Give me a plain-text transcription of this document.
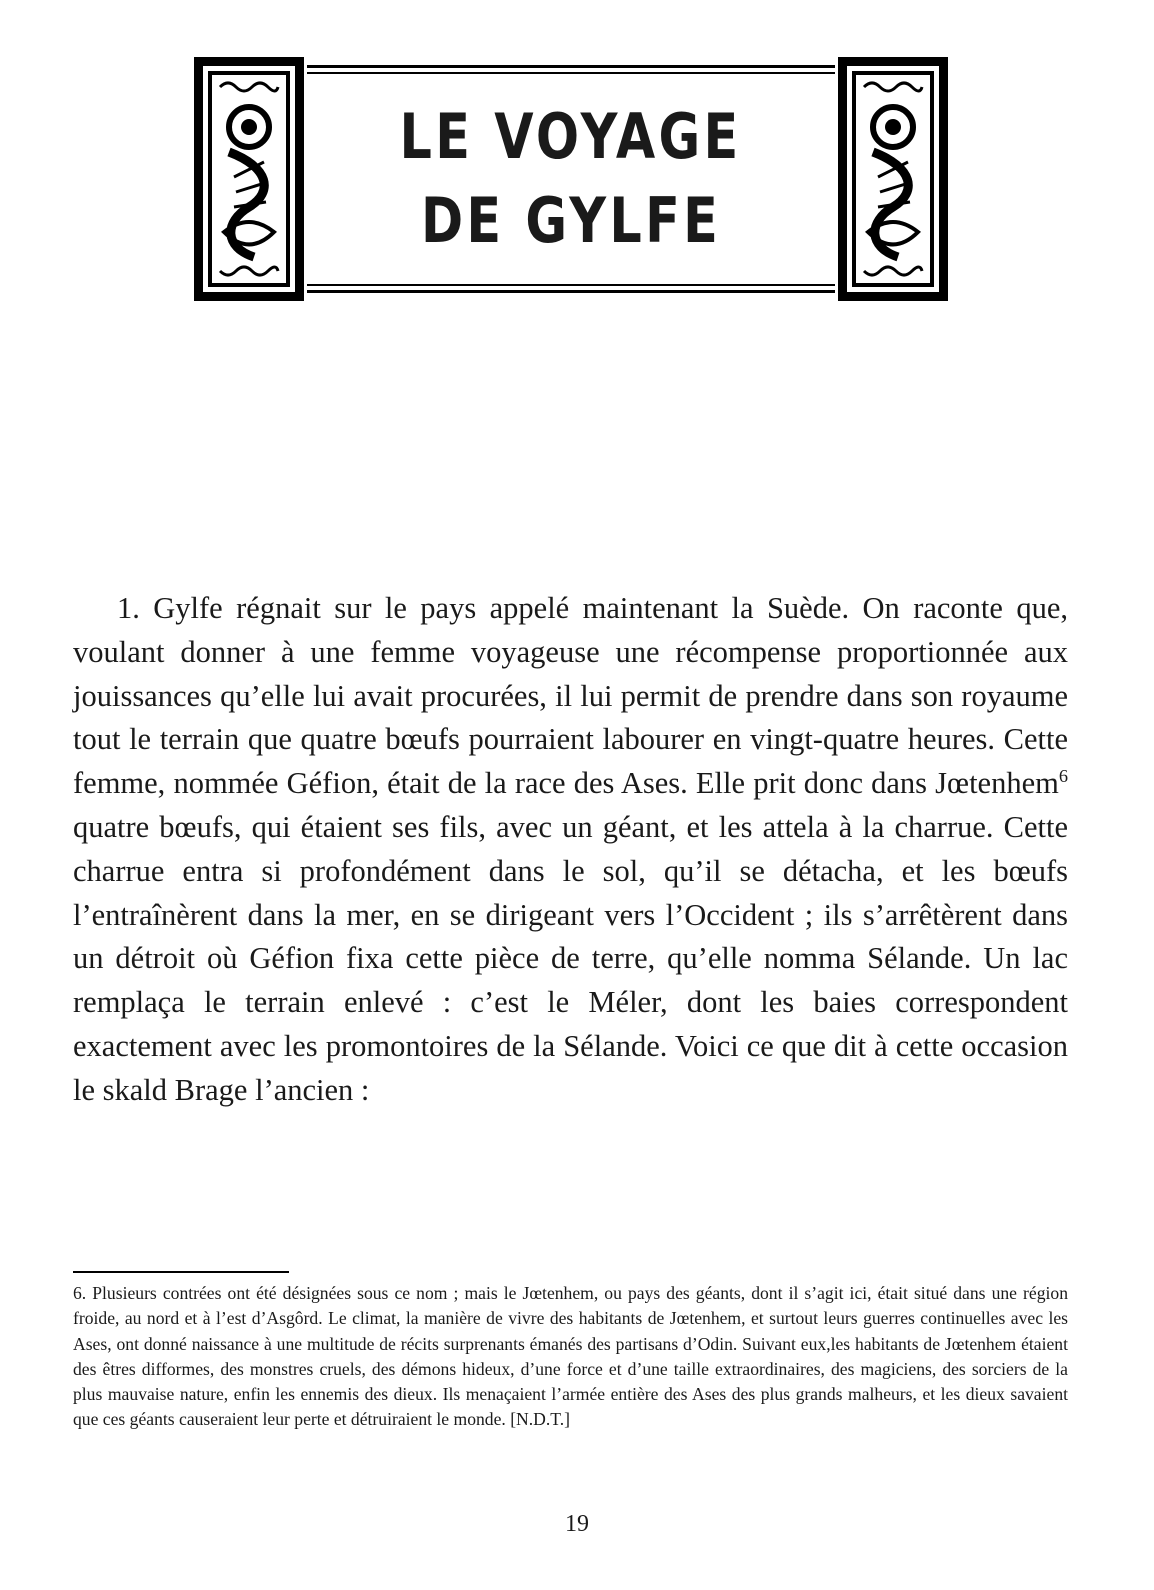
LE VOYAGE
DE GYLFE

1. Gylfe régnait sur le pays appelé maintenant la Suède. On raconte que, voulant donner à une femme voyageuse une récompense proportionnée aux jouissances qu’elle lui avait procurées, il lui permit de prendre dans son royaume tout le terrain que quatre bœufs pourraient labourer en vingt-quatre heures. Cette femme, nommée Géfion, était de la race des Ases. Elle prit donc dans Jœtenhem$^6$ quatre bœufs, qui étaient ses fils, avec un géant, et les attela à la charrue. Cette charrue entra si profondément dans le sol, qu’il se détacha, et les bœufs l’entraînèrent dans la mer, en se dirigeant vers l’Occident ; ils s’arrêtèrent dans un détroit où Géfion fixa cette pièce de terre, qu’elle nomma Sélande. Un lac remplaça le terrain enlevé : c’est le Méler, dont les baies correspondent exactement avec les promontoires de la Sélande. Voici ce que dit à cette occasion le skald Brage l’ancien :

6. Plusieurs contrées ont été désignées sous ce nom ; mais le Jœtenhem, ou pays des géants, dont il s’agit ici, était situé dans une région froide, au nord et à l’est d’Asgôrd. Le climat, la manière de vivre des habitants de Jœtenhem, et surtout leurs guerres continuelles avec les Ases, ont donné naissance à une multitude de récits surprenants émanés des partisans d’Odin. Suivant eux,les habitants de Jœtenhem étaient des êtres difformes, des monstres cruels, des démons hideux, d’une force et d’une taille extraordinaires, des magiciens, des sorciers de la plus mauvaise nature, enfin les ennemis des dieux. Ils menaçaient l’armée entière des Ases des plus grands malheurs, et les dieux savaient que ces géants causeraient leur perte et détruiraient le monde. [N.D.T.]

19
